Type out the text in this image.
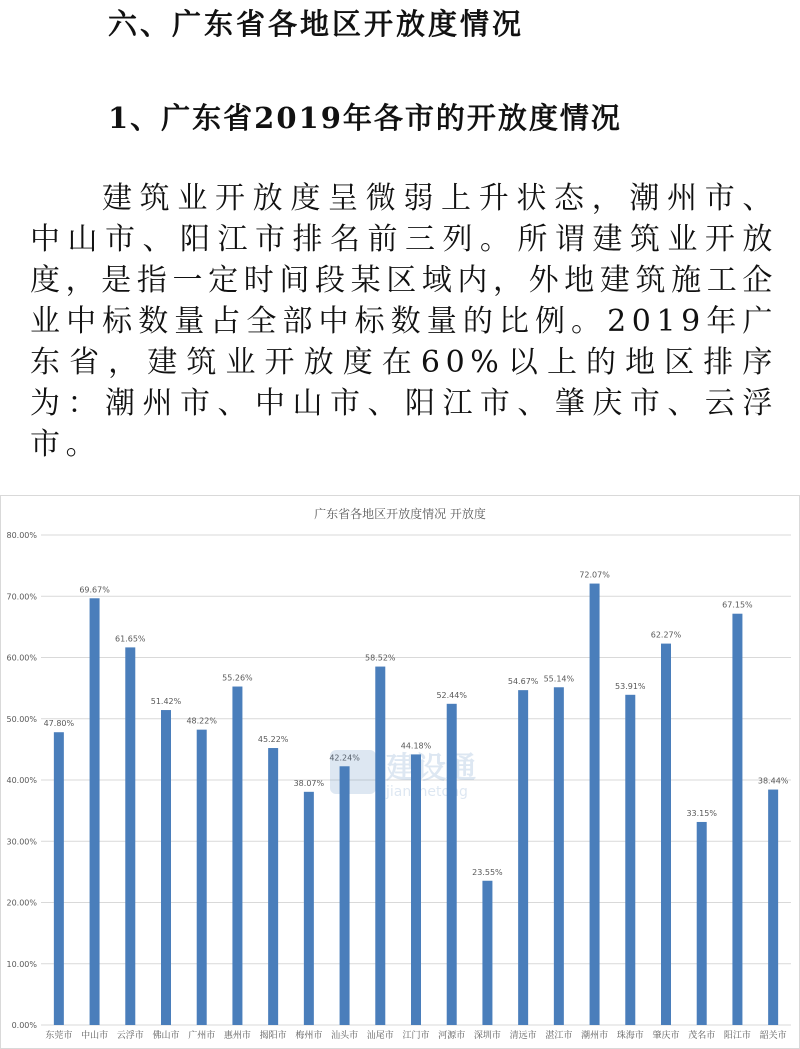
六、广东省各地区开放度情况
1、广东省2019年各市的开放度情况

建筑业开放度呈微弱上升状态，潮州市、中山市、阳江市排名前三列。所谓建筑业开放度，是指一定时间段某区域内，外地建筑施工企业中标数量占全部中标数量的比例。2019年广东省，建筑业开放度在60%以上的地区排序为：潮州市、中山市、阳江市、肇庆市、云浮市。

广东省各地区开放度情况 开放度
0.00%
10.00%
20.00%
30.00%
40.00%
50.00%
60.00%
70.00%
80.00%
47.80%
69.67%
61.65%
51.42%
48.22%
55.26%
45.22%
38.07%
42.24%
58.52%
44.18%
52.44%
23.55%
54.67% 55.14%
72.07%
53.91%
62.27%
33.15%
67.15%
38.44%
东莞市 中山市 云浮市 佛山市 广州市 惠州市 揭阳市 梅州市 汕头市 汕尾市 江门市 河源市 深圳市 清远市 湛江市 潮州市 珠海市 肇庆市 茂名市 阳江市 韶关市
